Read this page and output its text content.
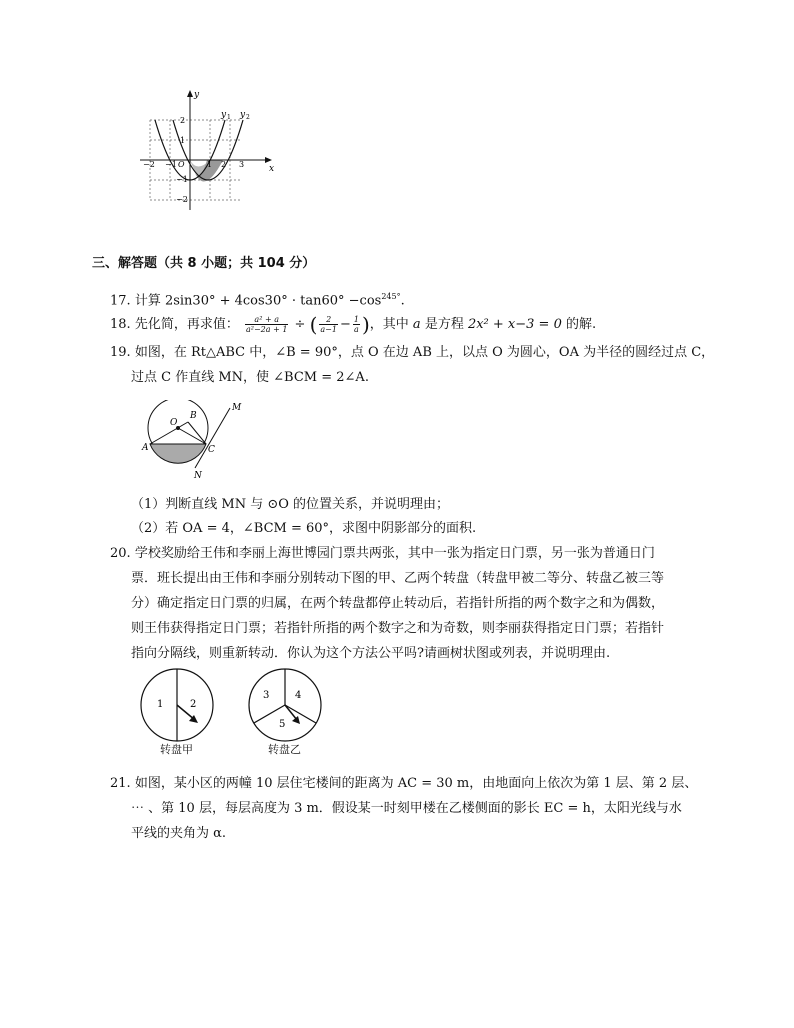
y
x
y 1 y 2
−2 −1 O	1 2 3
2
1
−1
−2
三、解答题（共 8 小题；共 104 分）
17. 计算 $2\sin 30^\circ + 4\cos 30^\circ \cdot \tan 60^\circ -\cos^{245^\circ}$.
18. 先化简，再求值： $\frac{\text{a² + a}}{\text{a²−2a + 1}}$ ÷ ( $\frac{2}{a-1} - \frac{1}{a}$ )，其中 a 是方程 2x² + x−3 = 0 的解.
19. 如图，在 Rt△ABC 中，∠B = 90°，点 O 在边 AB 上，以点 O 为圆心，OA 为半径的圆经过点 C，
过点 C 作直线 MN，使 ∠BCM = 2∠A.
O
B
A	C
M
N
（1）判断直线 MN 与 ⊙O 的位置关系，并说明理由；
（2）若 OA = 4，∠BCM = 60°，求图中阴影部分的面积.
20. 学校奖励给王伟和李丽上海世博园门票共两张，其中一张为指定日门票，另一张为普通日门
票．班长提出由王伟和李丽分别转动下图的甲、乙两个转盘（转盘甲被二等分、转盘乙被三等
分）确定指定日门票的归属，在两个转盘都停止转动后，若指针所指的两个数字之和为偶数，
则王伟获得指定日门票；若指针所指的两个数字之和为奇数，则李丽获得指定日门票；若指针
指向分隔线，则重新转动．你认为这个方法公平吗?请画树状图或列表，并说明理由.
1	2
转盘甲
3	4
5
转盘乙
21. 如图，某小区的两幢 10 层住宅楼间的距离为 AC = 30 m，由地面向上依次为第 1 层、第 2 层、
⋯ 、第 10 层，每层高度为 3 m．假设某一时刻甲楼在乙楼侧面的影长 EC = h，太阳光线与水
平线的夹角为 α.
